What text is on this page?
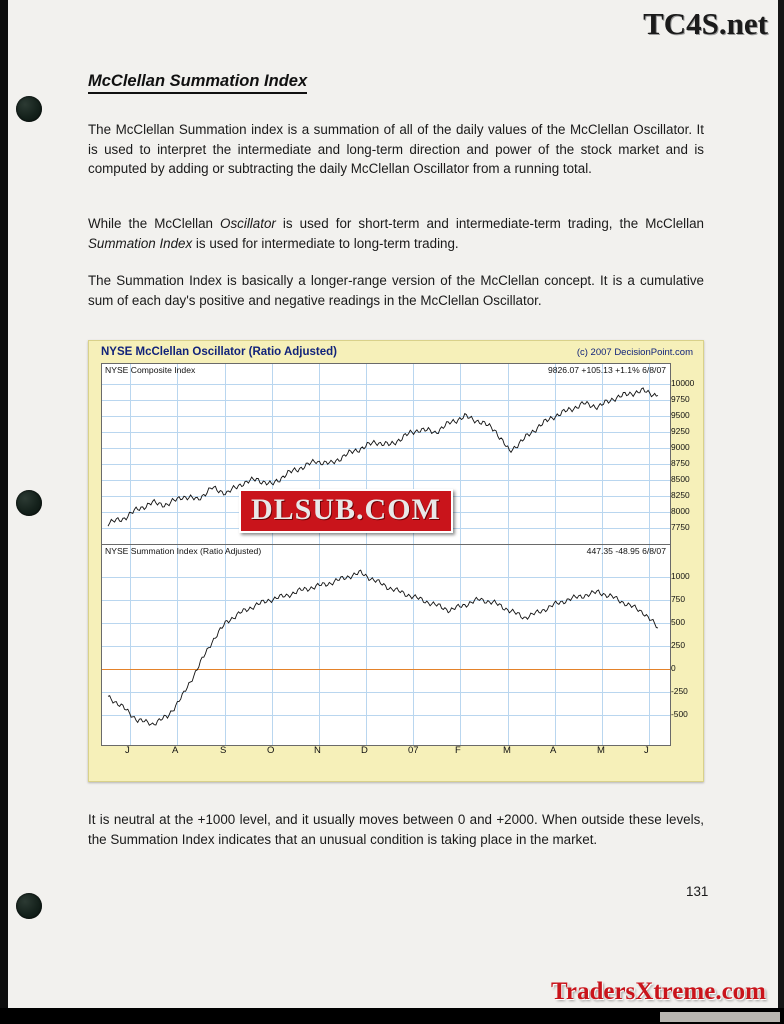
TC4S.net
McClellan Summation Index
The McClellan Summation index is a summation of all of the daily values of the McClellan Oscillator. It is used to interpret the intermediate and long-term direction and power of the stock market and is computed by adding or subtracting the daily McClellan Oscillator from a running total.
While the McClellan Oscillator is used for short-term and intermediate-term trading, the McClellan Summation Index is used for intermediate to long-term trading.
The Summation Index is basically a longer-range version of the McClellan concept. It is a cumulative sum of each day's positive and negative readings in the McClellan Oscillator.
NYSE McClellan Oscillator (Ratio Adjusted)	(c) 2007 DecisionPoint.com
NYSE Composite Index	9826.07 +105.13 +1.1% 6/8/07
10000
9750
9500
9250
9000
8750
8500
8250
8000
7750
NYSE Summation Index (Ratio Adjusted)	447.35 -48.95 6/8/07
1000
750
500
250
0
-250
-500
J	A	S	O	N	D	07	F	M	A	M	J
DLSUB.COM
It is neutral at the +1000 level, and it usually moves between 0 and +2000. When outside these levels, the Summation Index indicates that an unusual condition is taking place in the market.
131
TradersXtreme.com
